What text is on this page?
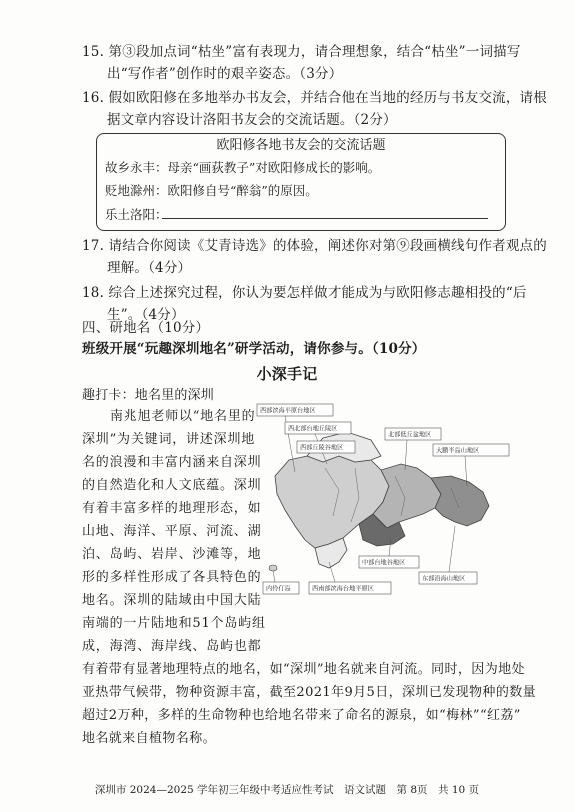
15. 第③段加点词“枯坐”富有表现力，请合理想象，结合“枯坐”一词描写
出“写作者”创作时的艰辛姿态。（3分）
16. 假如欧阳修在多地举办书友会，并结合他在当地的经历与书友交流，请根
据文章内容设计洛阳书友会的交流话题。（2分）
欧阳修各地书友会的交流话题
故乡永丰：母亲“画荻教子”对欧阳修成长的影响。
贬地滁州：欧阳修自号“醉翁”的原因。
乐土洛阳：
17. 请结合你阅读《艾青诗选》的体验，阐述你对第⑨段画横线句作者观点的
理解。（4分）
18. 综合上述探究过程，你认为要怎样做才能成为与欧阳修志趣相投的“后
生”。（4分）
四、研地名（10分）
班级开展“玩趣深圳地名”研学活动，请你参与。（10分）
小深手记
趣打卡：地名里的深圳
南兆旭老师以“地名里的
深圳”为关键词，讲述深圳地
名的浪漫和丰富内涵来自深圳
的自然造化和人文底蕴。深圳
有着丰富多样的地理形态，如
山地、海洋、平原、河流、湖
泊、岛屿、岩岸、沙滩等，地
形的多样性形成了各具特色的
地名。深圳的陆域由中国大陆
南端的一片陆地和51个岛屿组
成，海湾、海岸线、岛屿也都
有着带有显著地理特点的地名，如“深圳”地名就来自河流。同时，因为地处
亚热带气候带，物种资源丰富，截至2021年9月5日，深圳已发现物种的数量
超过2万种，多样的生命物种也给地名带来了命名的源泉，如“梅林”“红荔”
地名就来自植物名称。
西部滨海平原台地区
西北部台地丘陵区
西部丘陵谷地区
北部低丘盆地区
大鹏半岛山地区
中部台地谷地区
东部沿海山地区
西南部滨海台地平原区
内伶仃岛
深圳市 2024—2025 学年初三年级中考适应性考试　语文试题　第 8页　共 10 页
